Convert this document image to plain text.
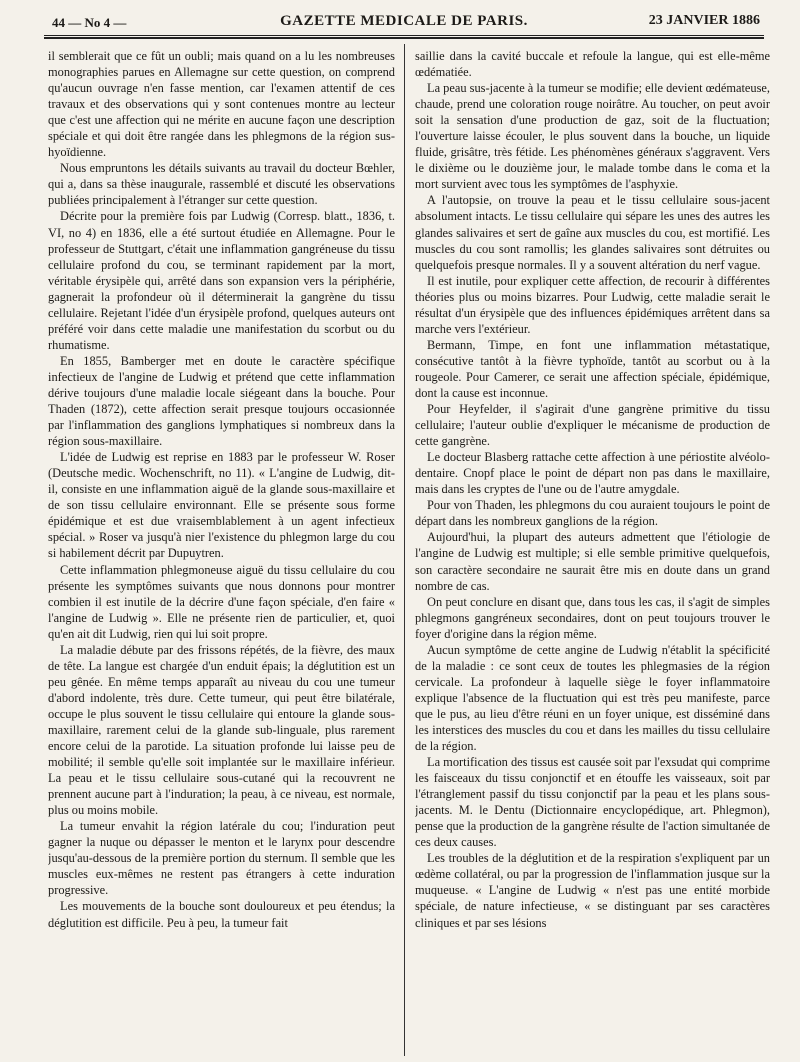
44 — No 4 —	GAZETTE MEDICALE DE PARIS.	23 JANVIER 1886

il semblerait que ce fût un oubli; mais quand on a lu les nombreuses monographies parues en Allemagne sur cette question, on comprend qu'aucun ouvrage n'en fasse mention, car l'examen attentif de ces travaux et des observations qui y sont contenues montre au lecteur que c'est une affection qui ne mérite en aucune façon une description spéciale et qui doit être rangée dans les phlegmons de la région sus-hyoïdienne.

Nous empruntons les détails suivants au travail du docteur Bœhler, qui a, dans sa thèse inaugurale, rassemblé et discuté les observations publiées principalement à l'étranger sur cette question.

Décrite pour la première fois par Ludwig (Corresp. blatt., 1836, t. VI, no 4) en 1836, elle a été surtout étudiée en Allemagne. Pour le professeur de Stuttgart, c'était une inflammation gangréneuse du tissu cellulaire profond du cou, se terminant rapidement par la mort, véritable érysipèle qui, arrêté dans son expansion vers la périphérie, gagnerait la profondeur où il déterminerait la gangrène du tissu cellulaire. Rejetant l'idée d'un érysipèle profond, quelques auteurs ont préféré voir dans cette maladie une manifestation du scorbut ou du rhumatisme.

En 1855, Bamberger met en doute le caractère spécifique infectieux de l'angine de Ludwig et prétend que cette inflammation dérive toujours d'une maladie locale siégeant dans la bouche. Pour Thaden (1872), cette affection serait presque toujours occasionnée par l'inflammation des ganglions lymphatiques si nombreux dans la région sous-maxillaire.

L'idée de Ludwig est reprise en 1883 par le professeur W. Roser (Deutsche medic. Wochenschrift, no 11). « L'angine de Ludwig, dit-il, consiste en une inflammation aiguë de la glande sous-maxillaire et de son tissu cellulaire environnant. Elle se présente sous forme épidémique et est due vraisemblablement à un agent infectieux spécial. » Roser va jusqu'à nier l'existence du phlegmon large du cou si habilement décrit par Dupuytren.

Cette inflammation phlegmoneuse aiguë du tissu cellulaire du cou présente les symptômes suivants que nous donnons pour montrer combien il est inutile de la décrire d'une façon spéciale, d'en faire « l'angine de Ludwig ». Elle ne présente rien de particulier, et, quoi qu'en ait dit Ludwig, rien qui lui soit propre.

La maladie débute par des frissons répétés, de la fièvre, des maux de tête. La langue est chargée d'un enduit épais; la déglutition est un peu gênée. En même temps apparaît au niveau du cou une tumeur d'abord indolente, très dure. Cette tumeur, qui peut être bilatérale, occupe le plus souvent le tissu cellulaire qui entoure la glande sous-maxillaire, rarement celui de la glande sub-linguale, plus rarement encore celui de la parotide. La situation profonde lui laisse peu de mobilité; il semble qu'elle soit implantée sur le maxillaire inférieur. La peau et le tissu cellulaire sous-cutané qui la recouvrent ne prennent aucune part à l'induration; la peau, à ce niveau, est normale, plus ou moins mobile.

La tumeur envahit la région latérale du cou; l'induration peut gagner la nuque ou dépasser le menton et le larynx pour descendre jusqu'au-dessous de la première portion du sternum. Il semble que les muscles eux-mêmes ne restent pas étrangers à cette induration progressive.

Les mouvements de la bouche sont douloureux et peu étendus; la déglutition est difficile. Peu à peu, la tumeur fait

saillie dans la cavité buccale et refoule la langue, qui est elle-même œdématiée.

La peau sus-jacente à la tumeur se modifie; elle devient œdémateuse, chaude, prend une coloration rouge noirâtre. Au toucher, on peut avoir soit la sensation d'une production de gaz, soit de la fluctuation; l'ouverture laisse écouler, le plus souvent dans la bouche, un liquide fluide, grisâtre, très fétide. Les phénomènes généraux s'aggravent. Vers le dixième ou le douzième jour, le malade tombe dans le coma et la mort survient avec tous les symptômes de l'asphyxie.

A l'autopsie, on trouve la peau et le tissu cellulaire sous-jacent absolument intacts. Le tissu cellulaire qui sépare les unes des autres les glandes salivaires et sert de gaîne aux muscles du cou, est mortifié. Les muscles du cou sont ramollis; les glandes salivaires sont détruites ou quelquefois presque normales. Il y a souvent altération du nerf vague.

Il est inutile, pour expliquer cette affection, de recourir à différentes théories plus ou moins bizarres. Pour Ludwig, cette maladie serait le résultat d'un érysipèle que des influences épidémiques arrêtent dans sa marche vers l'extérieur.

Bermann, Timpe, en font une inflammation métastatique, consécutive tantôt à la fièvre typhoïde, tantôt au scorbut ou à la rougeole. Pour Camerer, ce serait une affection spéciale, épidémique, dont la cause est inconnue.

Pour Heyfelder, il s'agirait d'une gangrène primitive du tissu cellulaire; l'auteur oublie d'expliquer le mécanisme de production de cette gangrène.

Le docteur Blasberg rattache cette affection à une périostite alvéolo-dentaire. Cnopf place le point de départ non pas dans le maxillaire, mais dans les cryptes de l'une ou de l'autre amygdale.

Pour von Thaden, les phlegmons du cou auraient toujours le point de départ dans les nombreux ganglions de la région.

Aujourd'hui, la plupart des auteurs admettent que l'étiologie de l'angine de Ludwig est multiple; si elle semble primitive quelquefois, son caractère secondaire ne saurait être mis en doute dans un grand nombre de cas.

On peut conclure en disant que, dans tous les cas, il s'agit de simples phlegmons gangréneux secondaires, dont on peut toujours trouver le foyer d'origine dans la région même.

Aucun symptôme de cette angine de Ludwig n'établit la spécificité de la maladie : ce sont ceux de toutes les phlegmasies de la région cervicale. La profondeur à laquelle siège le foyer inflammatoire explique l'absence de la fluctuation qui est très peu manifeste, parce que le pus, au lieu d'être réuni en un foyer unique, est disséminé dans les interstices des muscles du cou et dans les mailles du tissu cellulaire de la région.

La mortification des tissus est causée soit par l'exsudat qui comprime les faisceaux du tissu conjonctif et en étouffe les vaisseaux, soit par l'étranglement passif du tissu conjonctif par la peau et les plans sous-jacents. M. le Dentu (Dictionnaire encyclopédique, art. Phlegmon), pense que la production de la gangrène résulte de l'action simultanée de ces deux causes.

Les troubles de la déglutition et de la respiration s'expliquent par un œdème collatéral, ou par la progression de l'inflammation jusque sur la muqueuse. « L'angine de Ludwig « n'est pas une entité morbide spéciale, de nature infectieuse, « se distinguant par ses caractères cliniques et par ses lésions
